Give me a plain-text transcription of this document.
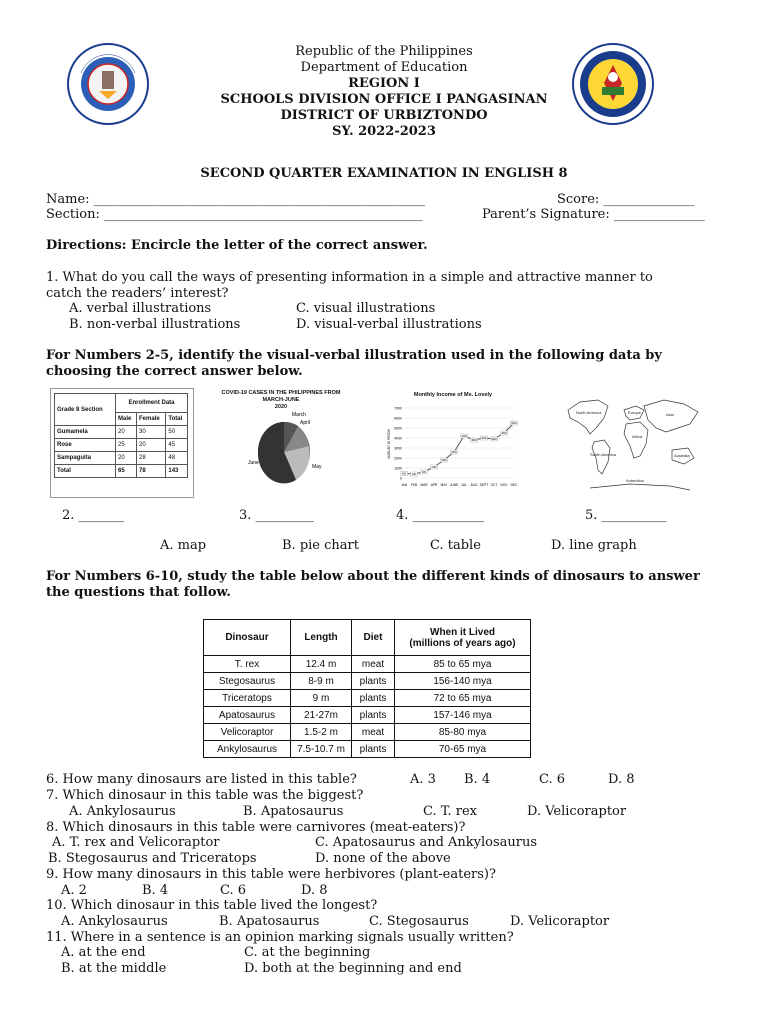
Republic of the Philippines
Department of Education
REGION I
SCHOOLS DIVISION OFFICE I PANGASINAN
DISTRICT OF URBIZTONDO
SY. 2022-2023
SECOND QUARTER EXAMINATION IN ENGLISH 8
Name: ___________________________________________________	Score: ______________
Section: _________________________________________________	Parent’s Signature: ______________
Directions: Encircle the letter of the correct answer.
1. What do you call the ways of presenting information in a simple and attractive manner to
catch the readers’ interest?
A. verbal illustrations	C. visual illustrations
B. non-verbal illustrations	D. visual-verbal illustrations
For Numbers 2-5, identify the visual-verbal illustration used in the following data by
choosing the correct answer below.
Grade 8 Section	Enrollment Data		
	Male	Female	Total
Gumamela	20	30	50
Rose	25	20	45
Sampaguita	20	28	48
Total	65	78	143
COVID-19 CASES IN THE PHILIPPINES FROM MARCH-JUNE
2020
March
April
May
June
Monthly Income of Ms. Lovely
0
1000
2000
3000
4000
5000
6000
7000
AMOUNT IN PESOS
450	400
600
1100
1800
2600
4200
3800
4000 3900
4500
5500
JAN FEB MAR APR MAY JUNE JUL AUG SEPT OCT NOV DEC
North America	Europe	Asia
Africa
South America	Australia
Antarctica
2. _______	3. _________	4. ___________	5. __________
A. map	B. pie chart	C. table	D. line graph
For Numbers 6-10, study the table below about the different kinds of dinosaurs to answer
the questions that follow.
Dinosaur	Length	Diet	When it Lived
(millions of years ago)

T. rex	12.4 m	meat	85 to 65 mya
Stegosaurus	8-9 m	plants	156-140 mya
Triceratops	9 m	plants	72 to 65 mya
Apatosaurus	21-27m	plants	157-146 mya
Velicoraptor	1.5-2 m	meat	85-80 mya
Ankylosaurus	7.5-10.7 m	plants	70-65 mya
6. How many dinosaurs are listed in this table?	A. 3 B. 4	C. 6	D. 8
7. Which dinosaur in this table was the biggest?
A. Ankylosaurus	B. Apatosaurus	C. T. rex	D. Velicoraptor
8. Which dinosaurs in this table were carnivores (meat-eaters)?
A. T. rex and Velicoraptor	C. Apatosaurus and Ankylosaurus
B. Stegosaurus and Triceratops	D. none of the above
9. How many dinosaurs in this table were herbivores (plant-eaters)?
A. 2	B. 4	C. 6	D. 8
10. Which dinosaur in this table lived the longest?
A. Ankylosaurus	B. Apatosaurus	C. Stegosaurus	D. Velicoraptor
11. Where in a sentence is an opinion marking signals usually written?
A. at the end	C. at the beginning
B. at the middle	D. both at the beginning and end
